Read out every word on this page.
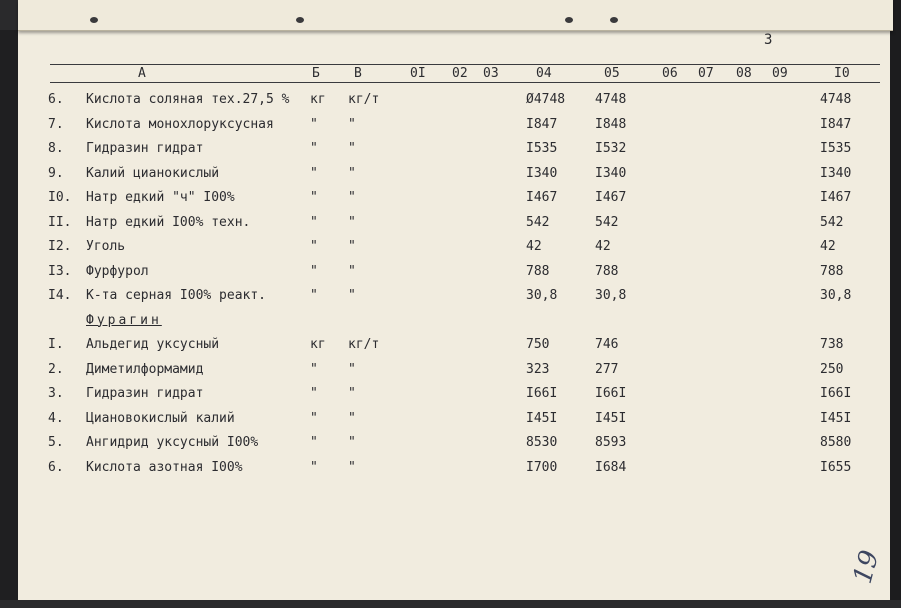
3
А	Б	В	0I 02 03	04	05	06 07 08 09	I0
6. Кислота соляная тех.27,5 % кг кг/т	Ø4748 4748	4748
7. Кислота монохлоруксусная	" "	I847	I848	I847
8. Гидразин гидрат	" "	I535	I532	I535
9. Калий цианокислый	" "	I340	I340	I340
I0. Натр едкий "ч" I00%	" "	I467	I467	I467
II. Натр едкий I00% техн.	" "	542	542	542
I2. Уголь	" "	42	42	42
I3. Фурфурол	" "	788	788	788
I4. К-та серная I00% реакт.	" "	30,8	30,8	30,8
Фурагин
I. Альдегид уксусный	кг кг/т	750	746	738
2. Диметилформамид	" "	323	277	250
3. Гидразин гидрат	" "	I66I	I66I	I66I
4. Циановокислый калий	" "	I45I	I45I	I45I
5. Ангидрид уксусный I00%	" "	8530	8593	8580
6. Кислота азотная I00%	" "	I700	I684	I655
19
